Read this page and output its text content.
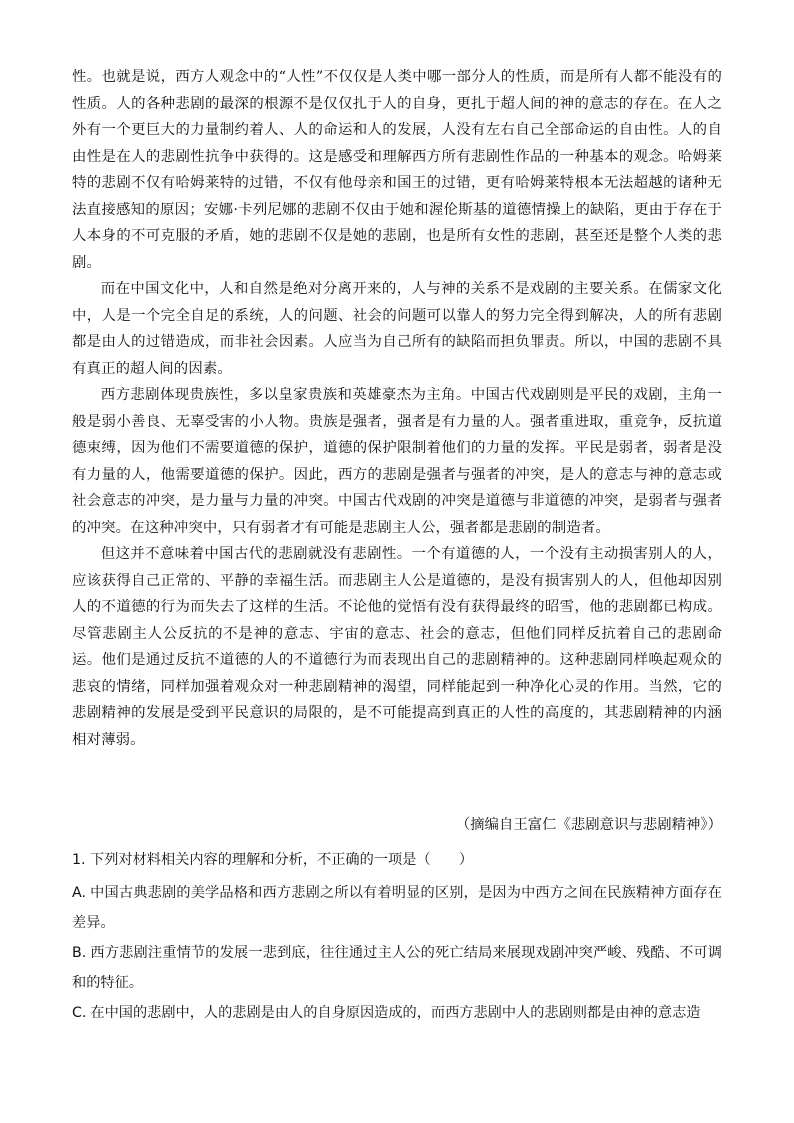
性。也就是说，西方人观念中的“人性”不仅仅是人类中哪一部分人的性质，而是所有人都不能没有的性质。人的各种悲剧的最深的根源不是仅仅扎于人的自身，更扎于超人间的神的意志的存在。在人之外有一个更巨大的力量制约着人、人的命运和人的发展，人没有左右自己全部命运的自由性。人的自由性是在人的悲剧性抗争中获得的。这是感受和理解西方所有悲剧性作品的一种基本的观念。哈姆莱特的悲剧不仅有哈姆莱特的过错，不仅有他母亲和国王的过错，更有哈姆莱特根本无法超越的诸种无法直接感知的原因；安娜·卡列尼娜的悲剧不仅由于她和渥伦斯基的道德情操上的缺陷，更由于存在于人本身的不可克服的矛盾，她的悲剧不仅是她的悲剧，也是所有女性的悲剧，甚至还是整个人类的悲剧。

而在中国文化中，人和自然是绝对分离开来的，人与神的关系不是戏剧的主要关系。在儒家文化中，人是一个完全自足的系统，人的问题、社会的问题可以靠人的努力完全得到解决，人的所有悲剧都是由人的过错造成，而非社会因素。人应当为自己所有的缺陷而担负罪责。所以，中国的悲剧不具有真正的超人间的因素。

西方悲剧体现贵族性，多以皇家贵族和英雄豪杰为主角。中国古代戏剧则是平民的戏剧，主角一般是弱小善良、无辜受害的小人物。贵族是强者，强者是有力量的人。强者重进取，重竞争，反抗道德束缚，因为他们不需要道德的保护，道德的保护限制着他们的力量的发挥。平民是弱者，弱者是没有力量的人，他需要道德的保护。因此，西方的悲剧是强者与强者的冲突，是人的意志与神的意志或社会意志的冲突，是力量与力量的冲突。中国古代戏剧的冲突是道德与非道德的冲突，是弱者与强者的冲突。在这种冲突中，只有弱者才有可能是悲剧主人公，强者都是悲剧的制造者。

但这并不意味着中国古代的悲剧就没有悲剧性。一个有道德的人，一个没有主动损害别人的人，应该获得自己正常的、平静的幸福生活。而悲剧主人公是道德的，是没有损害别人的人，但他却因别人的不道德的行为而失去了这样的生活。不论他的觉悟有没有获得最终的昭雪，他的悲剧都已构成。尽管悲剧主人公反抗的不是神的意志、宇宙的意志、社会的意志，但他们同样反抗着自己的悲剧命运。他们是通过反抗不道德的人的不道德行为而表现出自己的悲剧精神的。这种悲剧同样唤起观众的悲哀的情绪，同样加强着观众对一种悲剧精神的渴望，同样能起到一种净化心灵的作用。当然，它的悲剧精神的发展是受到平民意识的局限的，是不可能提高到真正的人性的高度的，其悲剧精神的内涵相对薄弱。

（摘编自王富仁《悲剧意识与悲剧精神》）

1. 下列对材料相关内容的理解和分析，不正确的一项是（　　）

A. 中国古典悲剧的美学品格和西方悲剧之所以有着明显的区别，是因为中西方之间在民族精神方面存在差异。

B. 西方悲剧注重情节的发展一悲到底，往往通过主人公的死亡结局来展现戏剧冲突严峻、残酷、不可调和的特征。

C. 在中国的悲剧中，人的悲剧是由人的自身原因造成的，而西方悲剧中人的悲剧则都是由神的意志造
